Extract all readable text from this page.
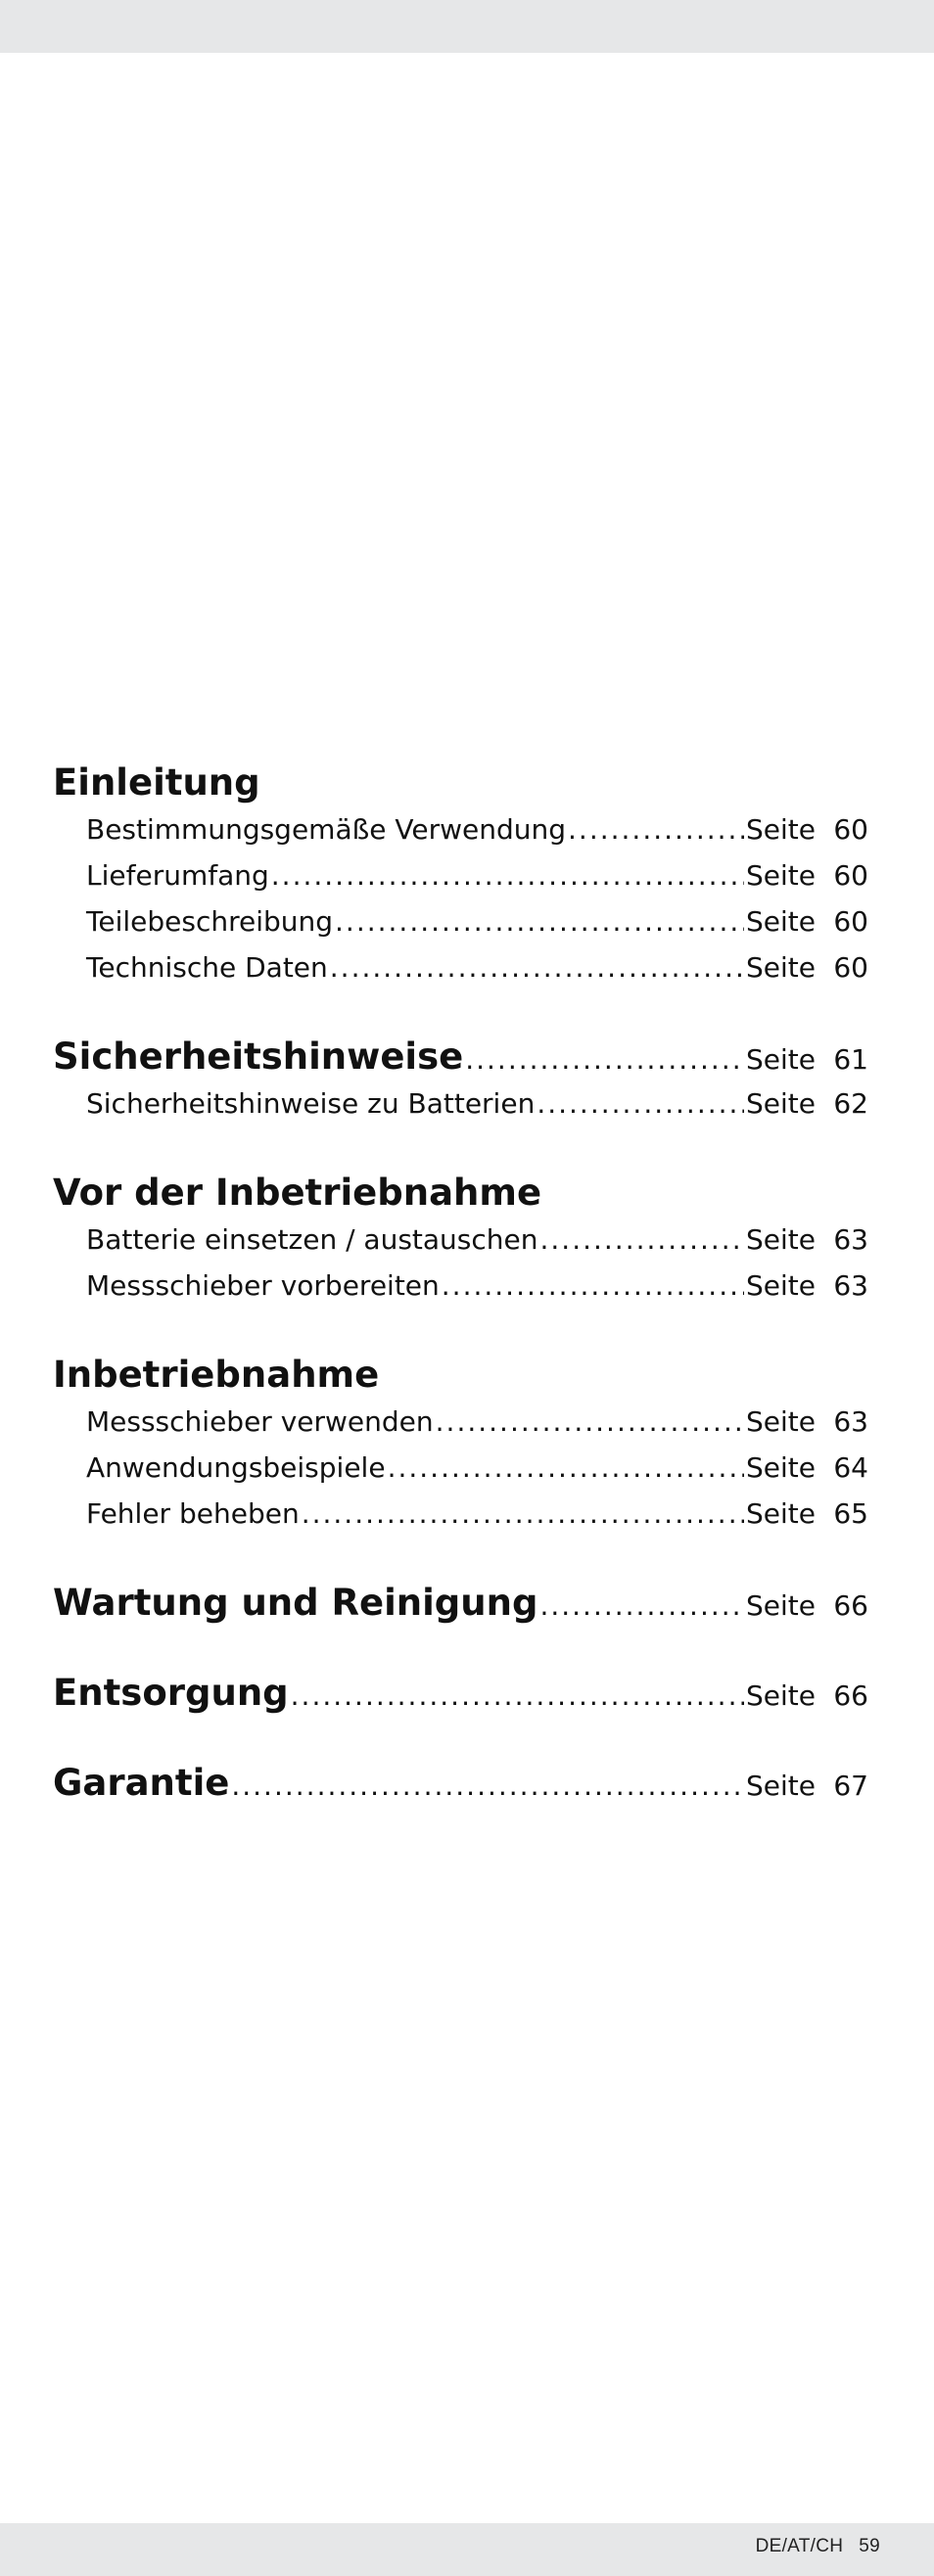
Einleitung
Bestimmungsgemäße Verwendung .....	Seite 60
Lieferumfang .....	Seite 60
Teilebeschreibung .....	Seite 60
Technische Daten .....	Seite 60
Sicherheitshinweise .....	Seite 61
Sicherheitshinweise zu Batterien .....	Seite 62
Vor der Inbetriebnahme
Batterie einsetzen / austauschen .....	Seite 63
Messschieber vorbereiten .....	Seite 63
Inbetriebnahme
Messschieber verwenden .....	Seite 63
Anwendungsbeispiele .....	Seite 64
Fehler beheben .....	Seite 65
Wartung und Reinigung .....	Seite 66
Entsorgung .....	Seite 66
Garantie .....	Seite 67
DE/AT/CH 59
